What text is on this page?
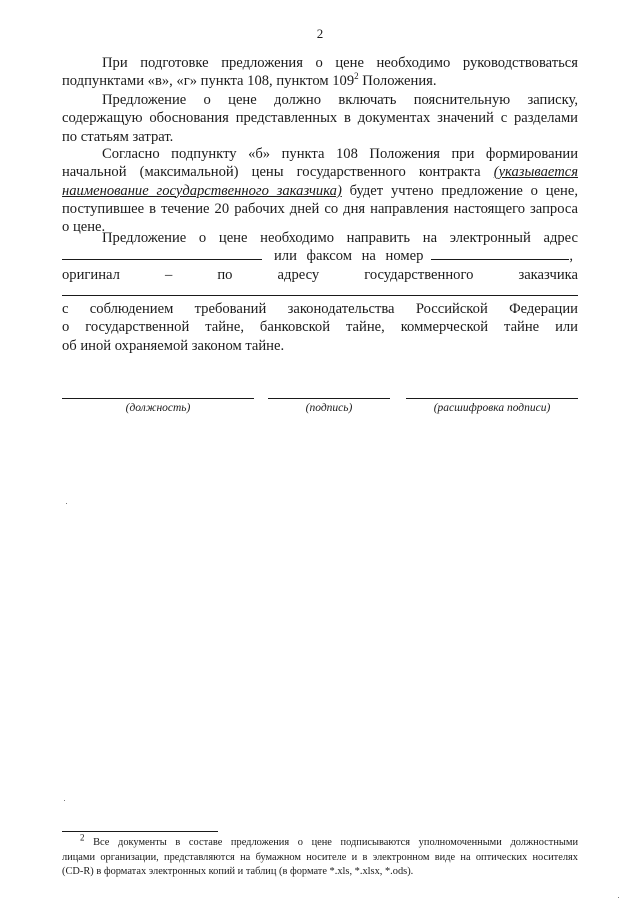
2
При подготовке предложения о цене необходимо руководствоваться
подпунктами «в», «г» пункта 108, пунктом $109^2$ Положения.
Предложение о цене должно включать пояснительную записку,
содержащую обоснования представленных в документах значений с разделами
по статьям затрат.
Согласно подпункту «б» пункта 108 Положения при формировании
начальной (максимальной) цены государственного контракта (указывается
наименование государственного заказчика) будет учтено предложение о цене,
поступившее в течение 20 рабочих дней со дня направления настоящего запроса
о цене.
Предложение о цене необходимо направить на электронный адрес
или факсом на номер	,
оригинал – по адресу государственного заказчика
с соблюдением требований законодательства Российской Федерации
о государственной тайне, банковской тайне, коммерческой тайне или
об иной охраняемой законом тайне.
(должность)	(подпись)	(расшифровка подписи)
$^2$ Все документы в составе предложения о цене подписываются уполномоченными должностными
лицами организации, представляются на бумажном носителе и в электронном виде на оптических носителях
(CD-R) в форматах электронных копий и таблиц (в формате *.xls, *.xlsx, *.ods).
